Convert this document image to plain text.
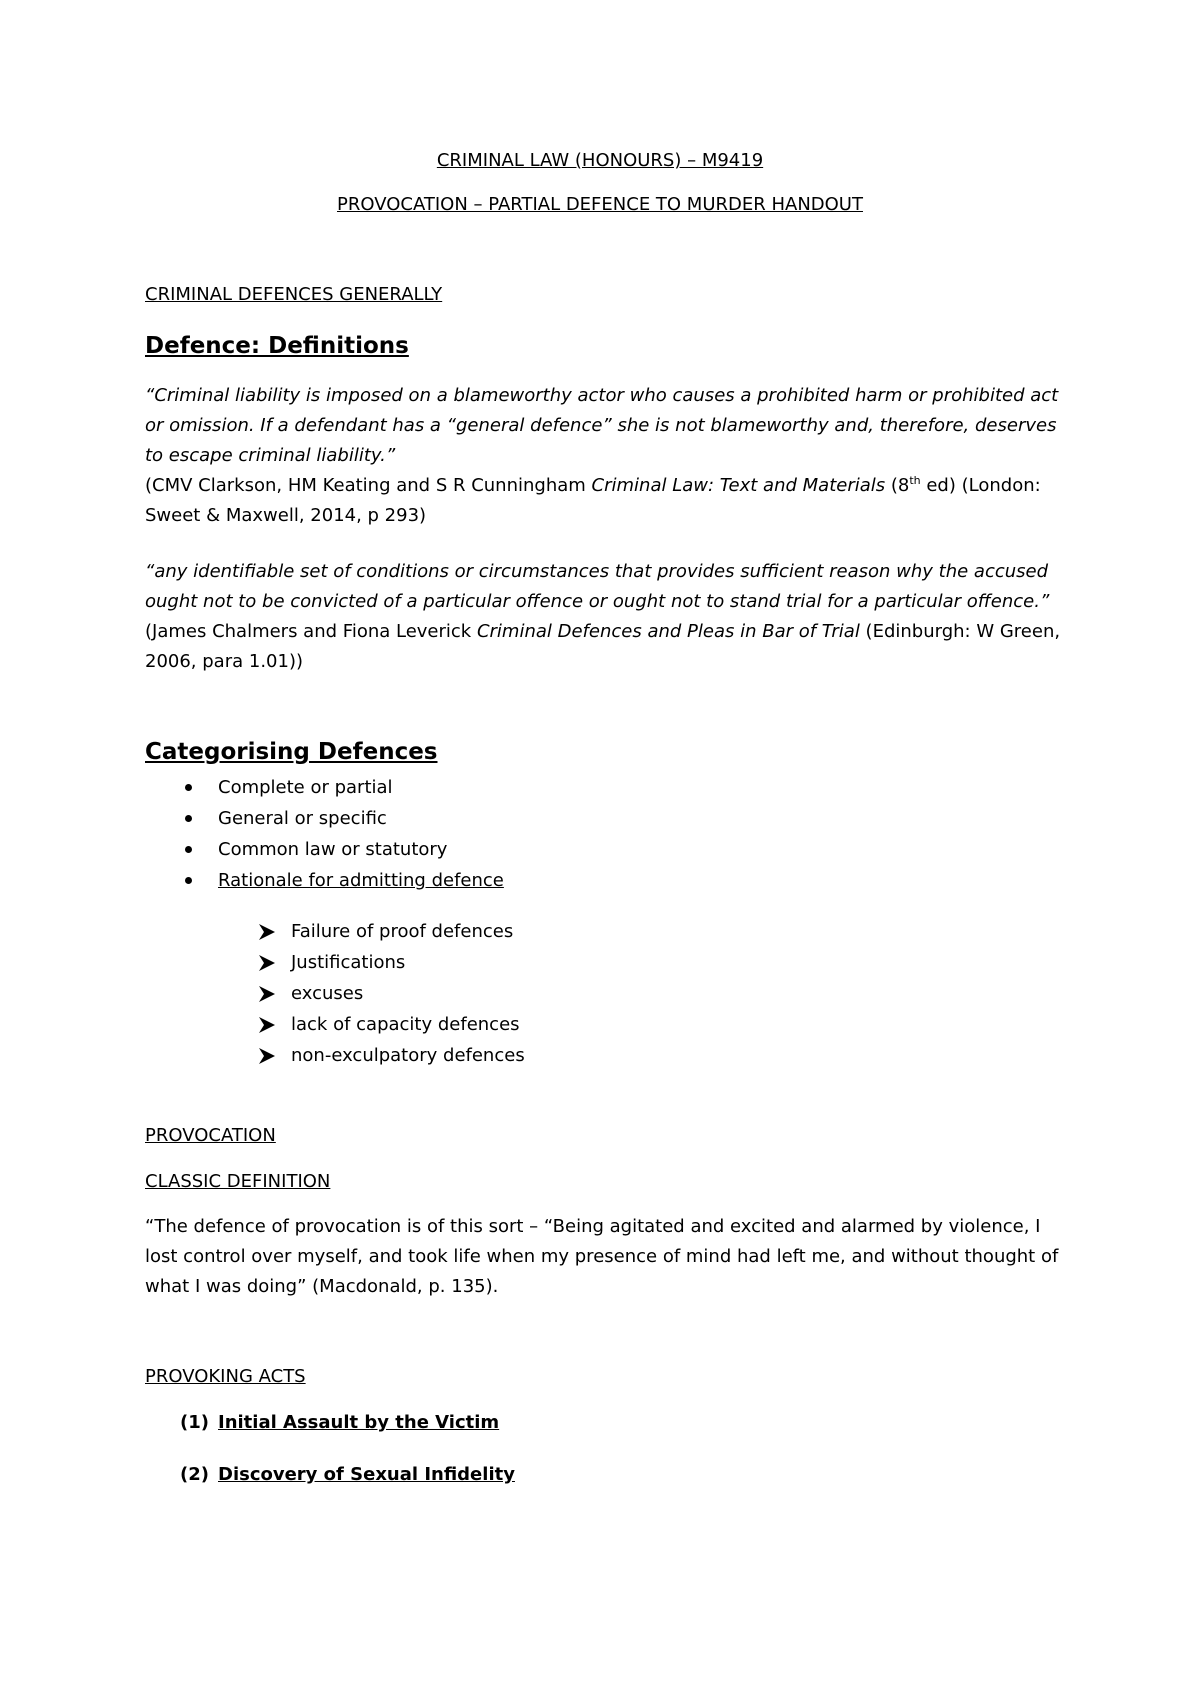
CRIMINAL LAW (HONOURS) – M9419
PROVOCATION – PARTIAL DEFENCE TO MURDER HANDOUT
CRIMINAL DEFENCES GENERALLY
Defence: Definitions
“Criminal liability is imposed on a blameworthy actor who causes a prohibited harm or prohibited act or omission. If a defendant has a “general defence” she is not blameworthy and, therefore, deserves to escape criminal liability.”
(CMV Clarkson, HM Keating and S R Cunningham Criminal Law: Text and Materials (8th ed) (London: Sweet & Maxwell, 2014, p 293)
“any identifiable set of conditions or circumstances that provides sufficient reason why the accused ought not to be convicted of a particular offence or ought not to stand trial for a particular offence.”
(James Chalmers and Fiona Leverick Criminal Defences and Pleas in Bar of Trial (Edinburgh: W Green, 2006, para 1.01))
Categorising Defences
Complete or partial
General or specific
Common law or statutory
Rationale for admitting defence
Failure of proof defences
Justifications
excuses
lack of capacity defences
non-exculpatory defences
PROVOCATION
CLASSIC DEFINITION
“The defence of provocation is of this sort – “Being agitated and excited and alarmed by violence, I lost control over myself, and took life when my presence of mind had left me, and without thought of what I was doing” (Macdonald, p. 135).
PROVOKING ACTS
(1) Initial Assault by the Victim
(2) Discovery of Sexual Infidelity
